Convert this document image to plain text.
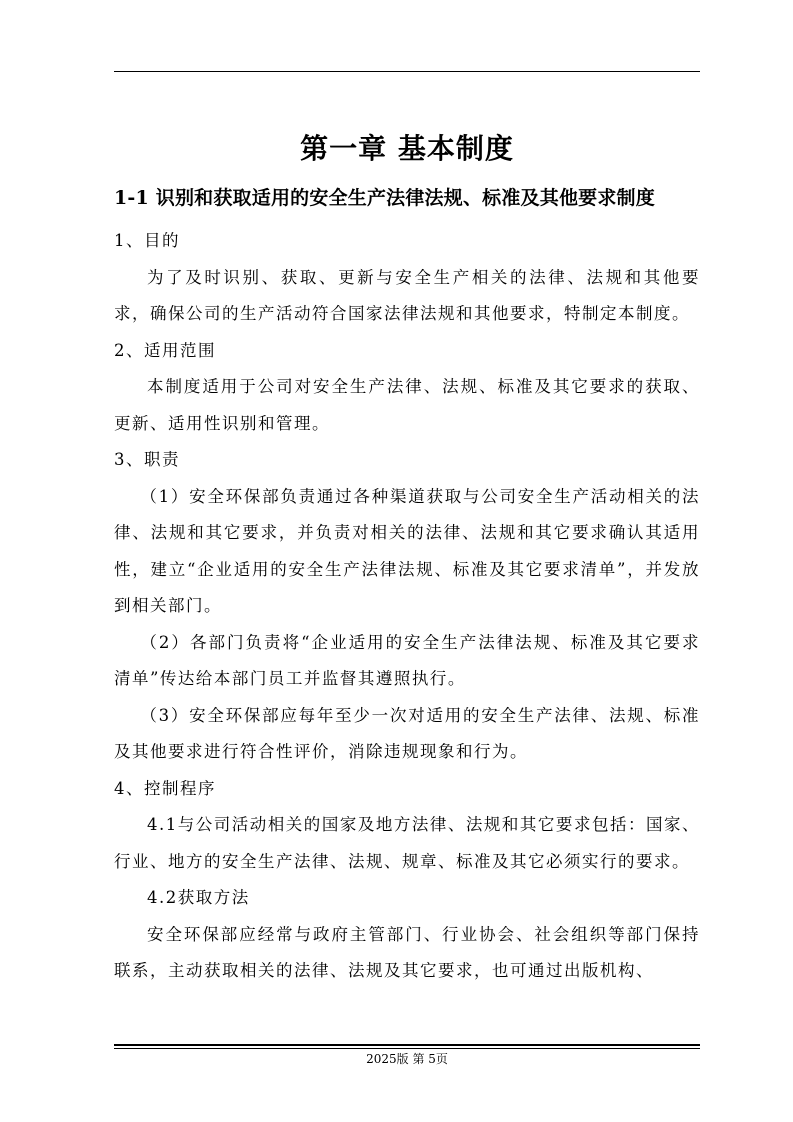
第一章 基本制度
1-1 识别和获取适用的安全生产法律法规、标准及其他要求制度

1、目的

为了及时识别、获取、更新与安全生产相关的法律、法规和其他要求，确保公司的生产活动符合国家法律法规和其他要求，特制定本制度。

2、适用范围

本制度适用于公司对安全生产法律、法规、标准及其它要求的获取、更新、适用性识别和管理。

3、职责

（1）安全环保部负责通过各种渠道获取与公司安全生产活动相关的法律、法规和其它要求，并负责对相关的法律、法规和其它要求确认其适用性，建立“企业适用的安全生产法律法规、标准及其它要求清单”，并发放到相关部门。

（2）各部门负责将“企业适用的安全生产法律法规、标准及其它要求清单”传达给本部门员工并监督其遵照执行。

（3）安全环保部应每年至少一次对适用的安全生产法律、法规、标准及其他要求进行符合性评价，消除违规现象和行为。

4、控制程序

4.1与公司活动相关的国家及地方法律、法规和其它要求包括：国家、行业、地方的安全生产法律、法规、规章、标准及其它必须实行的要求。

4.2获取方法

安全环保部应经常与政府主管部门、行业协会、社会组织等部门保持联系，主动获取相关的法律、法规及其它要求，也可通过出版机构、

2025版 第 5页
